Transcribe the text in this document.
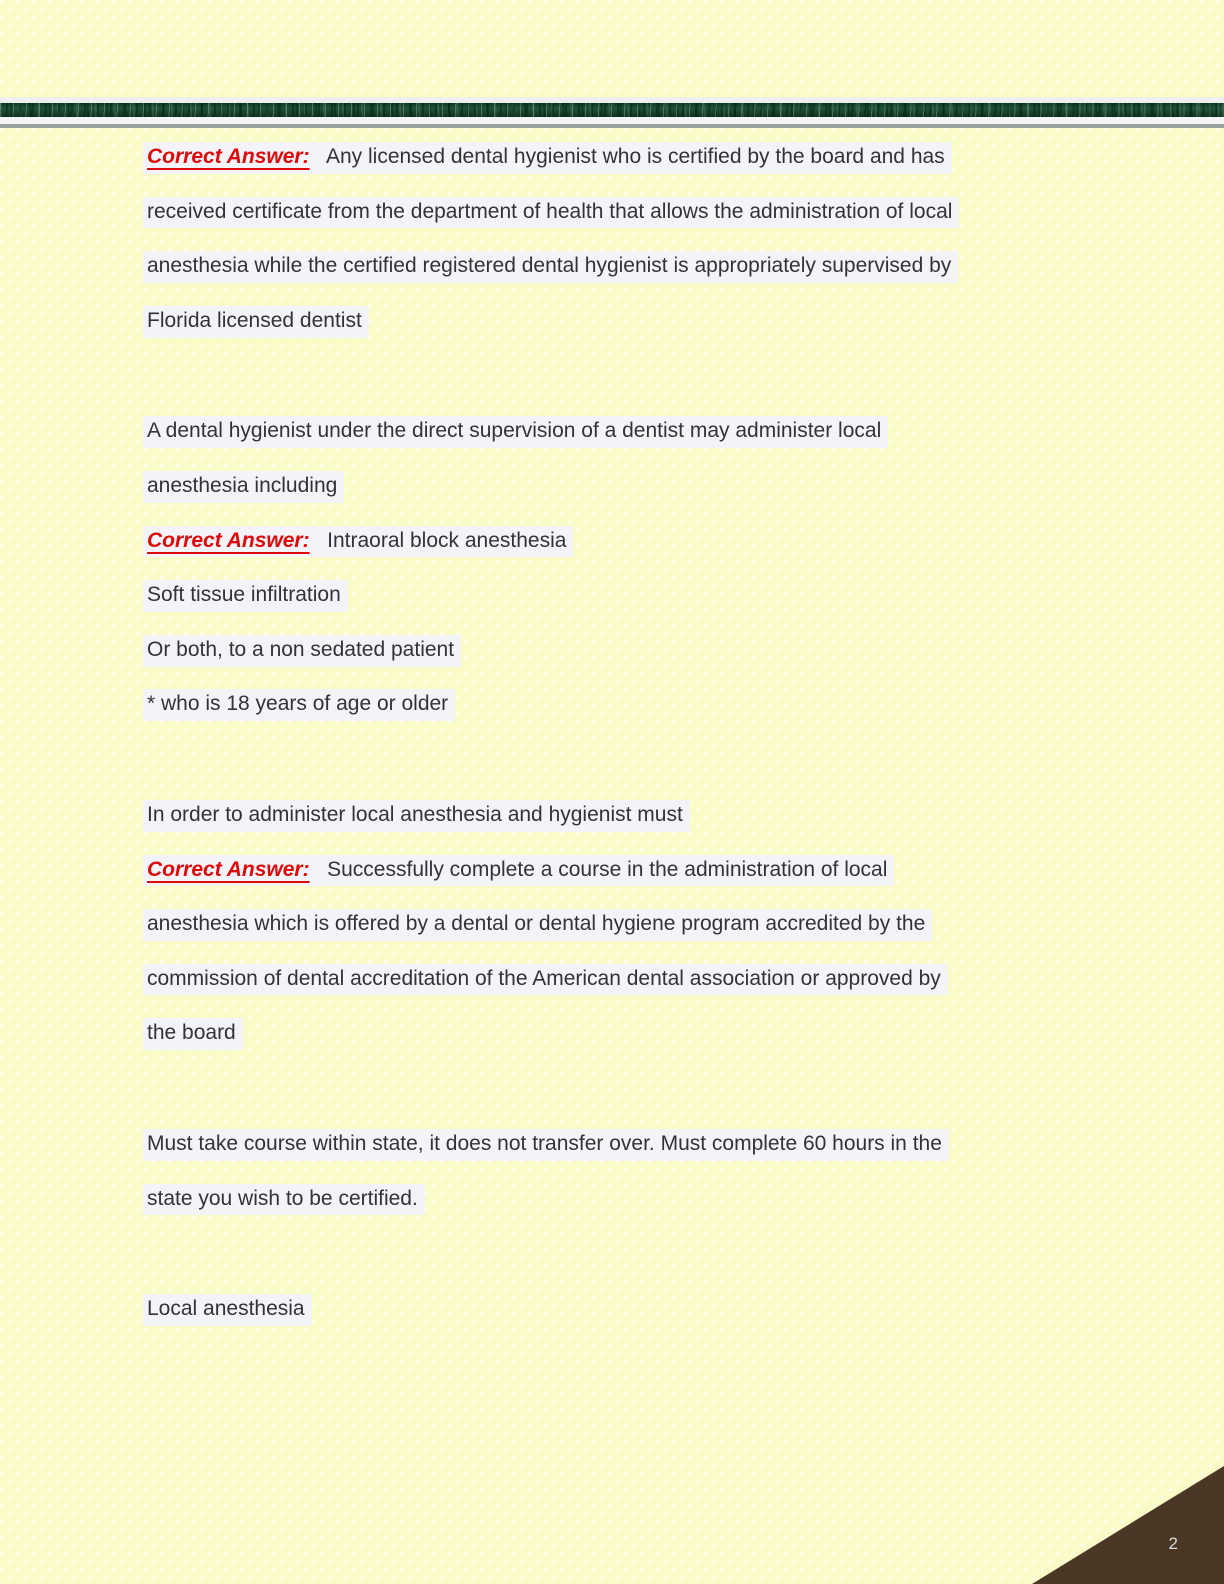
Correct Answer: Any licensed dental hygienist who is certified by the board and has
received certificate from the department of health that allows the administration of local
anesthesia while the certified registered dental hygienist is appropriately supervised by
Florida licensed dentist
A dental hygienist under the direct supervision of a dentist may administer local
anesthesia including
Correct Answer: Intraoral block anesthesia
Soft tissue infiltration
Or both, to a non sedated patient
* who is 18 years of age or older
In order to administer local anesthesia and hygienist must
Correct Answer: Successfully complete a course in the administration of local
anesthesia which is offered by a dental or dental hygiene program accredited by the
commission of dental accreditation of the American dental association or approved by
the board
Must take course within state, it does not transfer over. Must complete 60 hours in the
state you wish to be certified.
Local anesthesia
2
